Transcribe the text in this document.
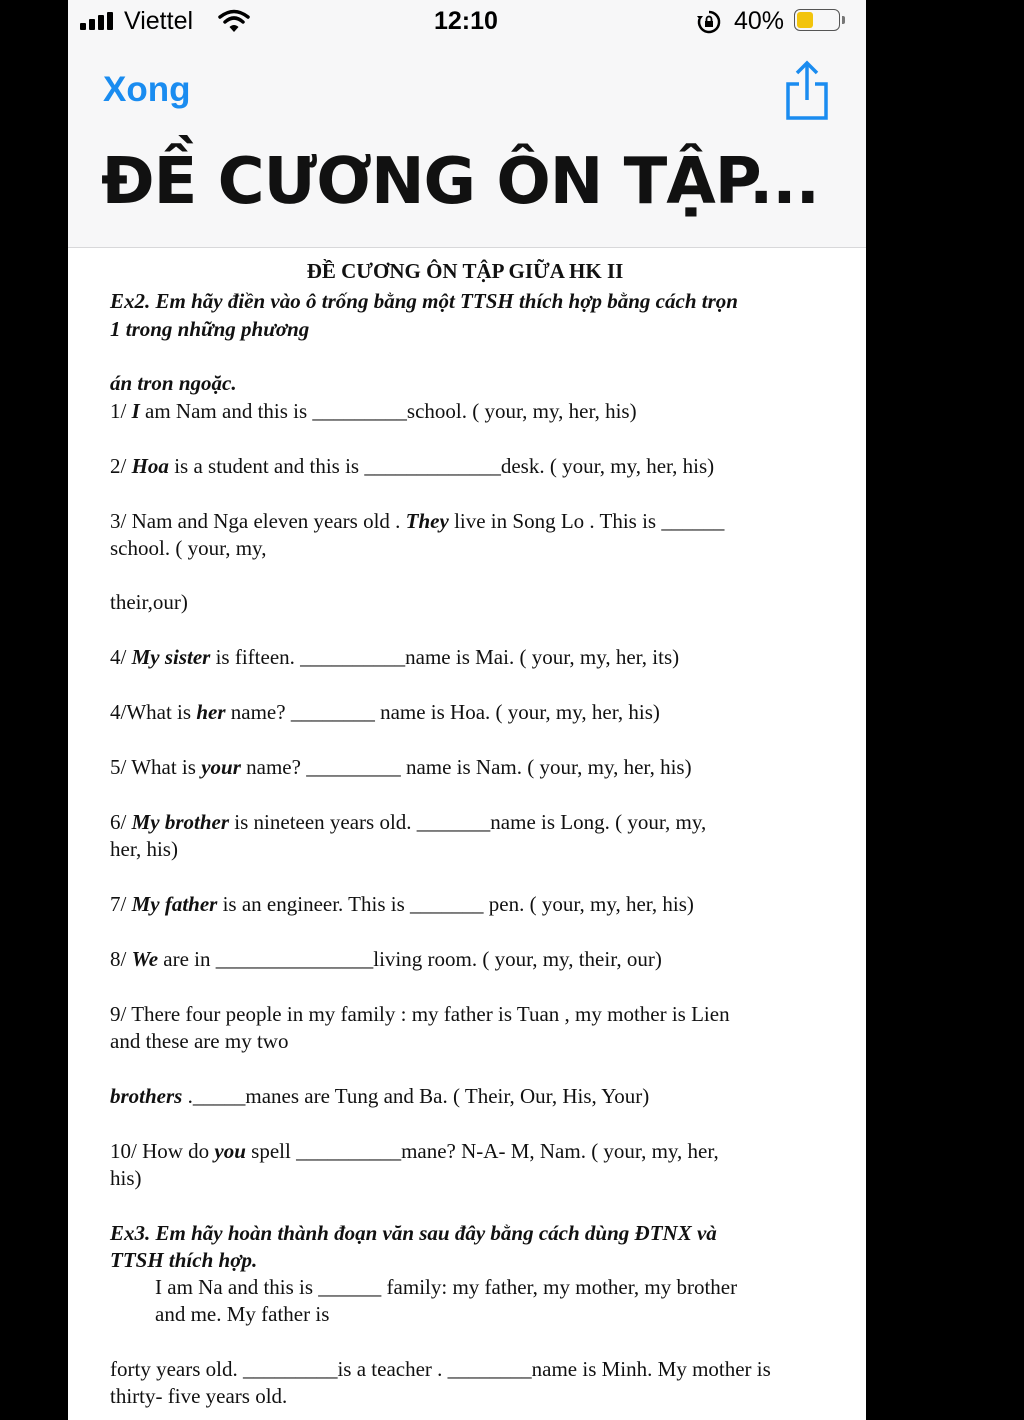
Viettel	12:10	40%
Xong
ĐỀ CƯƠNG ÔN TẬP...
ĐỀ CƯƠNG ÔN TẬP GIỮA HK II
Ex2. Em hãy điền vào ô trống bằng một TTSH thích hợp bằng cách trọn
1 trong những phương
án tron ngoặc.
1/ I am Nam and this is _________school. ( your, my, her, his)
2/ Hoa is a student and this is _____________desk. ( your, my, her, his)
3/ Nam and Nga eleven years old . They live in Song Lo . This is ______
school. ( your, my,
their,our)
4/ My sister is fifteen. __________name is Mai. ( your, my, her, its)
4/What is her name? ________ name is Hoa. ( your, my, her, his)
5/ What is your name? _________ name is Nam. ( your, my, her, his)
6/ My brother is nineteen years old. _______name is Long. ( your, my,
her, his)
7/ My father is an engineer. This is _______ pen. ( your, my, her, his)
8/ We are in _______________living room. ( your, my, their, our)
9/ There four people in my family : my father is Tuan , my mother is Lien
and these are my two
brothers ._____manes are Tung and Ba. ( Their, Our, His, Your)
10/ How do you spell __________mane? N-A- M, Nam. ( your, my, her,
his)
Ex3. Em hãy hoàn thành đoạn văn sau đây bằng cách dùng ĐTNX và
TTSH thích hợp.
I am Na and this is ______ family: my father, my mother, my brother
and me. My father is
forty years old. _________is a teacher . ________name is Minh. My mother is
thirty- five years old.
